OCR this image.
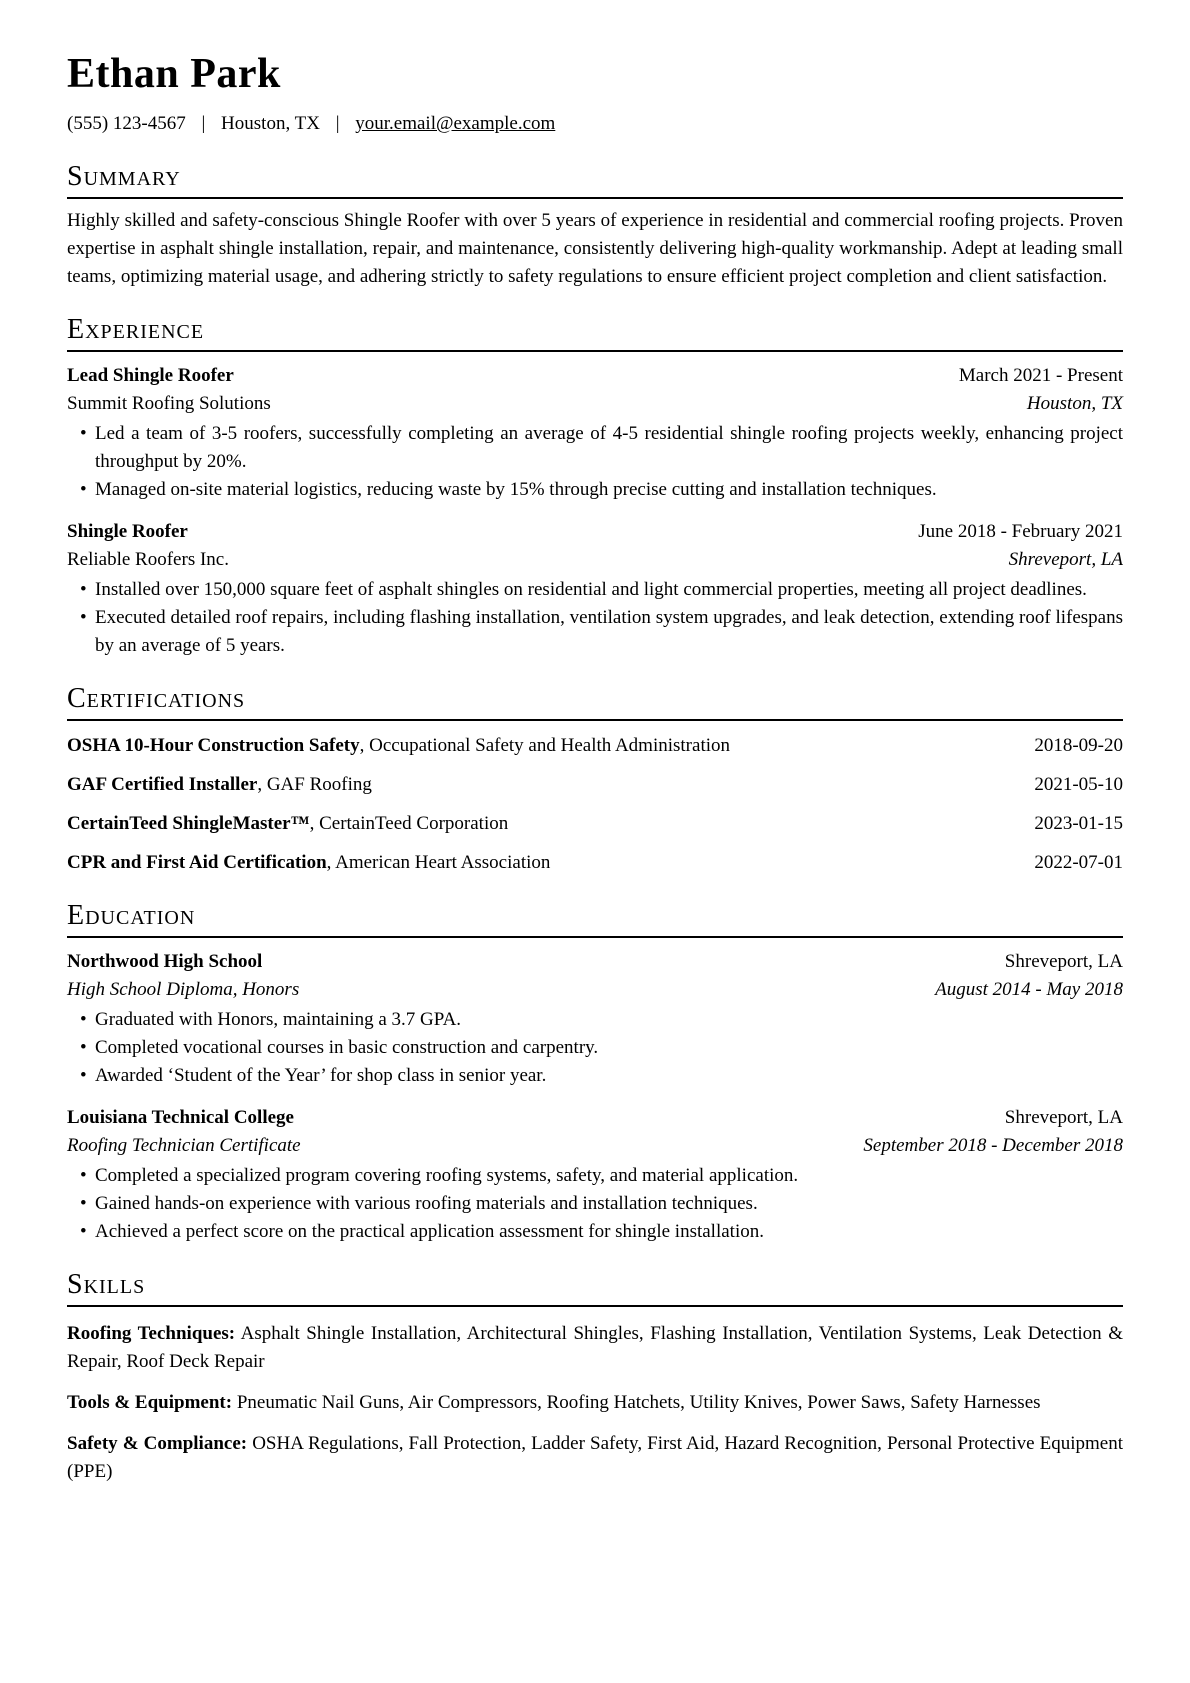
Ethan Park
(555) 123-4567 | Houston, TX | your.email@example.com
Summary

Highly skilled and safety-conscious Shingle Roofer with over 5 years of experience in residential and commercial roofing projects. Proven expertise in asphalt shingle installation, repair, and maintenance, consistently delivering high-quality workmanship. Adept at leading small teams, optimizing material usage, and adhering strictly to safety regulations to ensure efficient project completion and client satisfaction.

Experience
Lead Shingle Roofer	March 2021 - Present
Summit Roofing Solutions	Houston, TX
• Led a team of 3-5 roofers, successfully completing an average of 4-5 residential shingle roofing projects weekly, enhancing project throughput by 20%.
• Managed on-site material logistics, reducing waste by 15% through precise cutting and installation techniques.
Shingle Roofer	June 2018 - February 2021
Reliable Roofers Inc.	Shreveport, LA
• Installed over 150,000 square feet of asphalt shingles on residential and light commercial properties, meeting all project deadlines.
• Executed detailed roof repairs, including flashing installation, ventilation system upgrades, and leak detection, extending roof lifespans by an average of 5 years.
Certifications
OSHA 10-Hour Construction Safety, Occupational Safety and Health Administration	2018-09-20
GAF Certified Installer, GAF Roofing	2021-05-10
CertainTeed ShingleMaster™, CertainTeed Corporation	2023-01-15
CPR and First Aid Certification, American Heart Association	2022-07-01
Education
Northwood High School	Shreveport, LA
High School Diploma, Honors	August 2014 - May 2018
• Graduated with Honors, maintaining a 3.7 GPA.
• Completed vocational courses in basic construction and carpentry.
• Awarded ‘Student of the Year’ for shop class in senior year.
Louisiana Technical College	Shreveport, LA
Roofing Technician Certificate	September 2018 - December 2018
• Completed a specialized program covering roofing systems, safety, and material application.
• Gained hands-on experience with various roofing materials and installation techniques.
• Achieved a perfect score on the practical application assessment for shingle installation.
Skills

Roofing Techniques: Asphalt Shingle Installation, Architectural Shingles, Flashing Installation, Ventilation Systems, Leak Detection & Repair, Roof Deck Repair

Tools & Equipment: Pneumatic Nail Guns, Air Compressors, Roofing Hatchets, Utility Knives, Power Saws, Safety Harnesses

Safety & Compliance: OSHA Regulations, Fall Protection, Ladder Safety, First Aid, Hazard Recognition, Personal Protective Equipment (PPE)
